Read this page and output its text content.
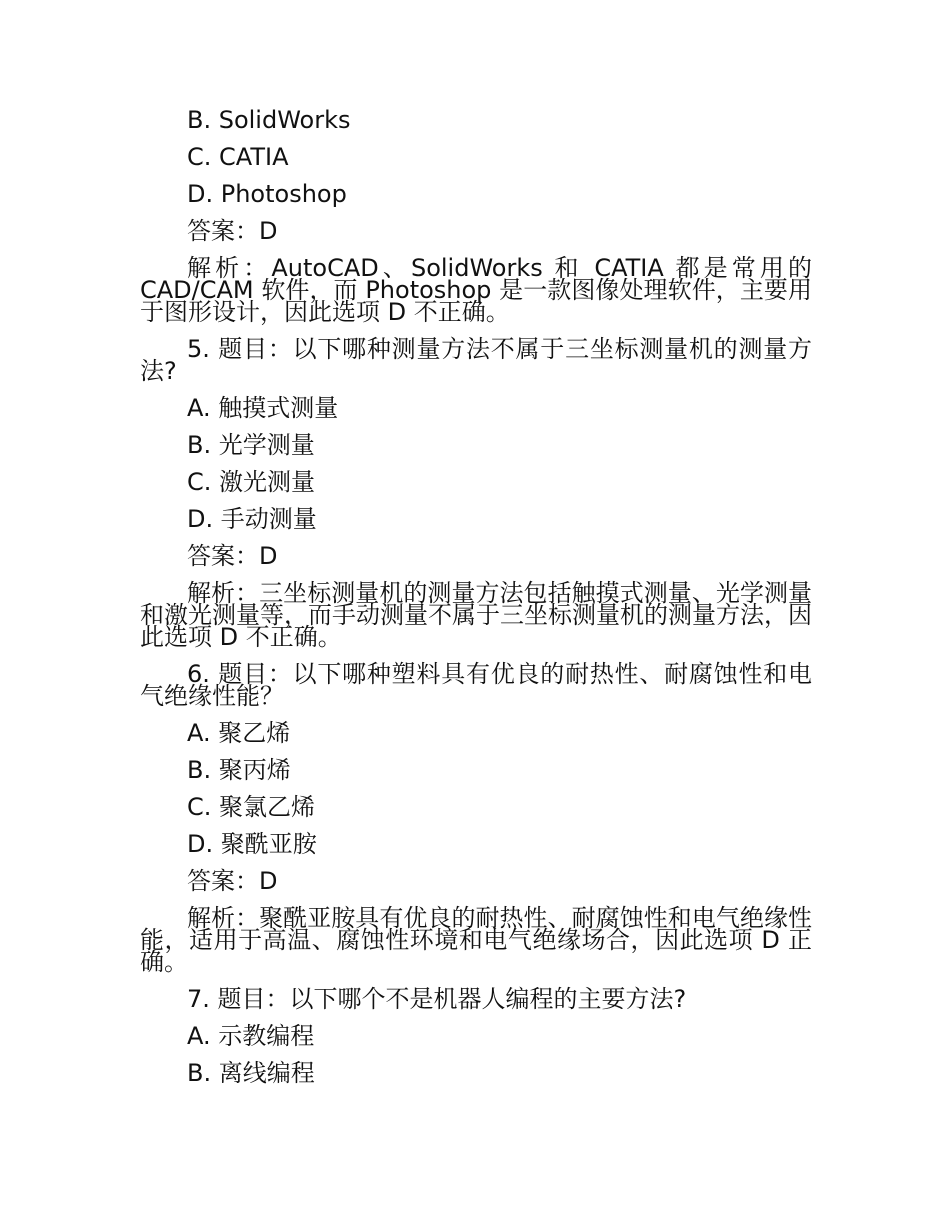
B. SolidWorks

C. CATIA

D. Photoshop

答案：D

解析：AutoCAD、SolidWorks 和 CATIA 都是常用的 CAD/CAM 软件，而 Photoshop 是一款图像处理软件，主要用于图形设计，因此选项 D 不正确。

5. 题目：以下哪种测量方法不属于三坐标测量机的测量方法?

A. 触摸式测量

B. 光学测量

C. 激光测量

D. 手动测量

答案：D

解析：三坐标测量机的测量方法包括触摸式测量、光学测量和激光测量等，而手动测量不属于三坐标测量机的测量方法，因此选项 D 不正确。

6. 题目：以下哪种塑料具有优良的耐热性、耐腐蚀性和电气绝缘性能？

A. 聚乙烯

B. 聚丙烯

C. 聚氯乙烯

D. 聚酰亚胺

答案：D

解析：聚酰亚胺具有优良的耐热性、耐腐蚀性和电气绝缘性能，适用于高温、腐蚀性环境和电气绝缘场合，因此选项 D 正确。

7. 题目：以下哪个不是机器人编程的主要方法?

A. 示教编程

B. 离线编程
